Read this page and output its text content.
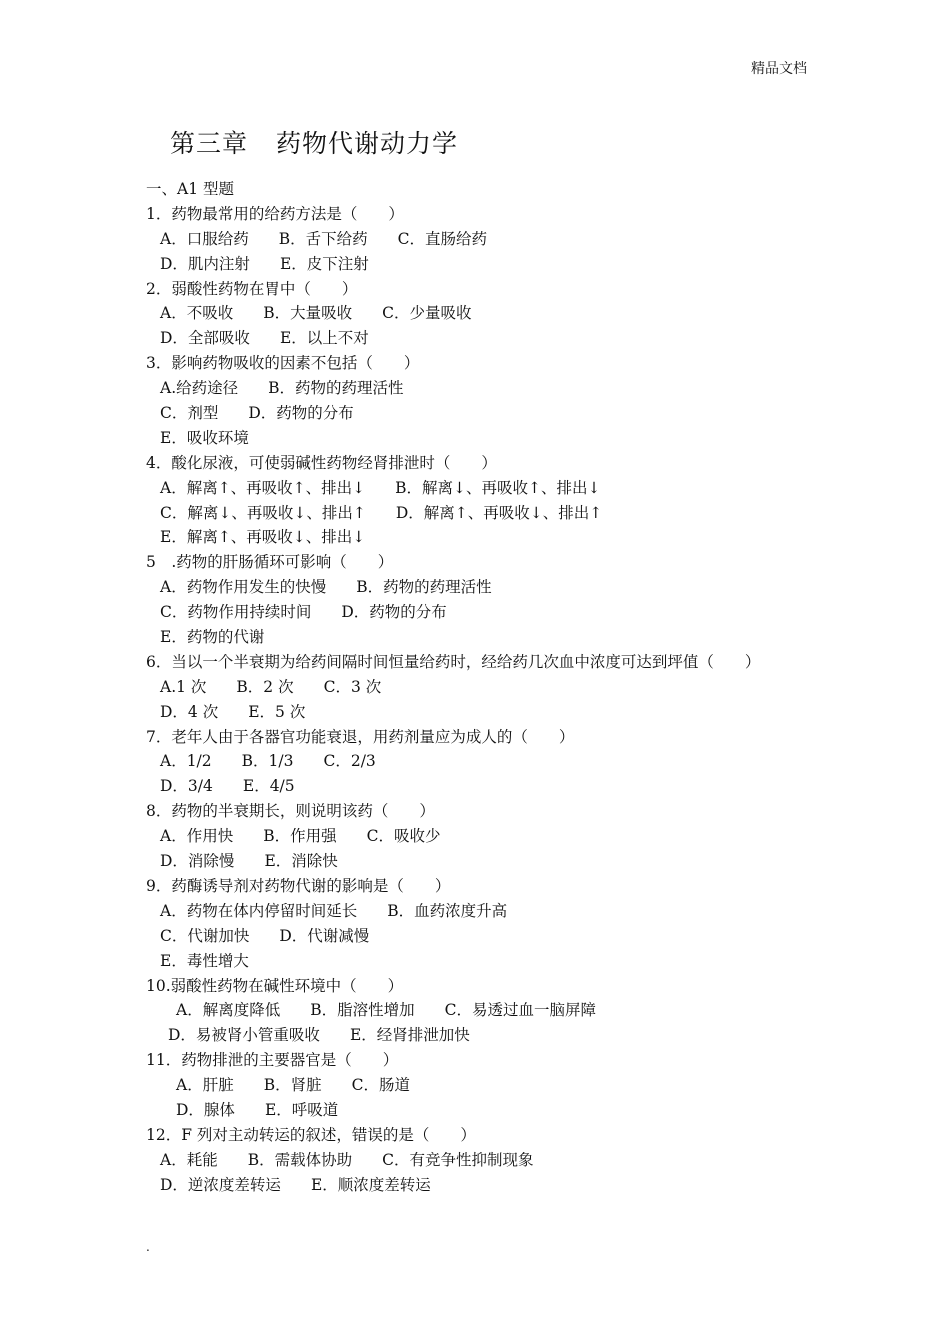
精品文档
第三章 药物代谢动力学
一、A1 型题
1．药物最常用的给药方法是（　　）
A．口服给药 B．舌下给药 C．直肠给药
D．肌内注射 E．皮下注射
2．弱酸性药物在胃中（　　）
A．不吸收 B．大量吸收 C．少量吸收
D．全部吸收 E．以上不对
3．影响药物吸收的因素不包括（　　）
A.给药途径 B．药物的药理活性
C．剂型 D．药物的分布
E．吸收环境
4．酸化尿液，可使弱碱性药物经肾排泄时（　　）
A．解离↑、再吸收↑、排出↓ B．解离↓、再吸收↑、排出↓
C．解离↓、再吸收↓、排出↑ D．解离↑、再吸收↓、排出↑
E．解离↑、再吸收↓、排出↓
5　.药物的肝肠循环可影响（　　）
A．药物作用发生的快慢 B．药物的药理活性
C．药物作用持续时间 D．药物的分布
E．药物的代谢
6．当以一个半衰期为给药间隔时间恒量给药时，经给药几次血中浓度可达到坪值（　　）
A.1 次 B．2 次 C．3 次
D．4 次 E．5 次
7．老年人由于各器官功能衰退，用药剂量应为成人的（　　）
A．1/2 B．1/3 C．2/3
D．3/4 E．4/5
8．药物的半衰期长，则说明该药（　　）
A．作用快 B．作用强 C．吸收少
D．消除慢 E．消除快
9．药酶诱导剂对药物代谢的影响是（　　）
A．药物在体内停留时间延长 B．血药浓度升高
C．代谢加快 D．代谢减慢
E．毒性增大
10.弱酸性药物在碱性环境中（　　）
A．解离度降低 B．脂溶性增加 C．易透过血一脑屏障
D．易被肾小管重吸收 E．经肾排泄加快
11．药物排泄的主要器官是（　　）
A．肝脏 B．肾脏 C．肠道
D．腺体 E．呼吸道
12．F 列对主动转运的叙述，错误的是（　　）
A．耗能 B．需载体协助 C．有竞争性抑制现象
D．逆浓度差转运 E．顺浓度差转运
.
